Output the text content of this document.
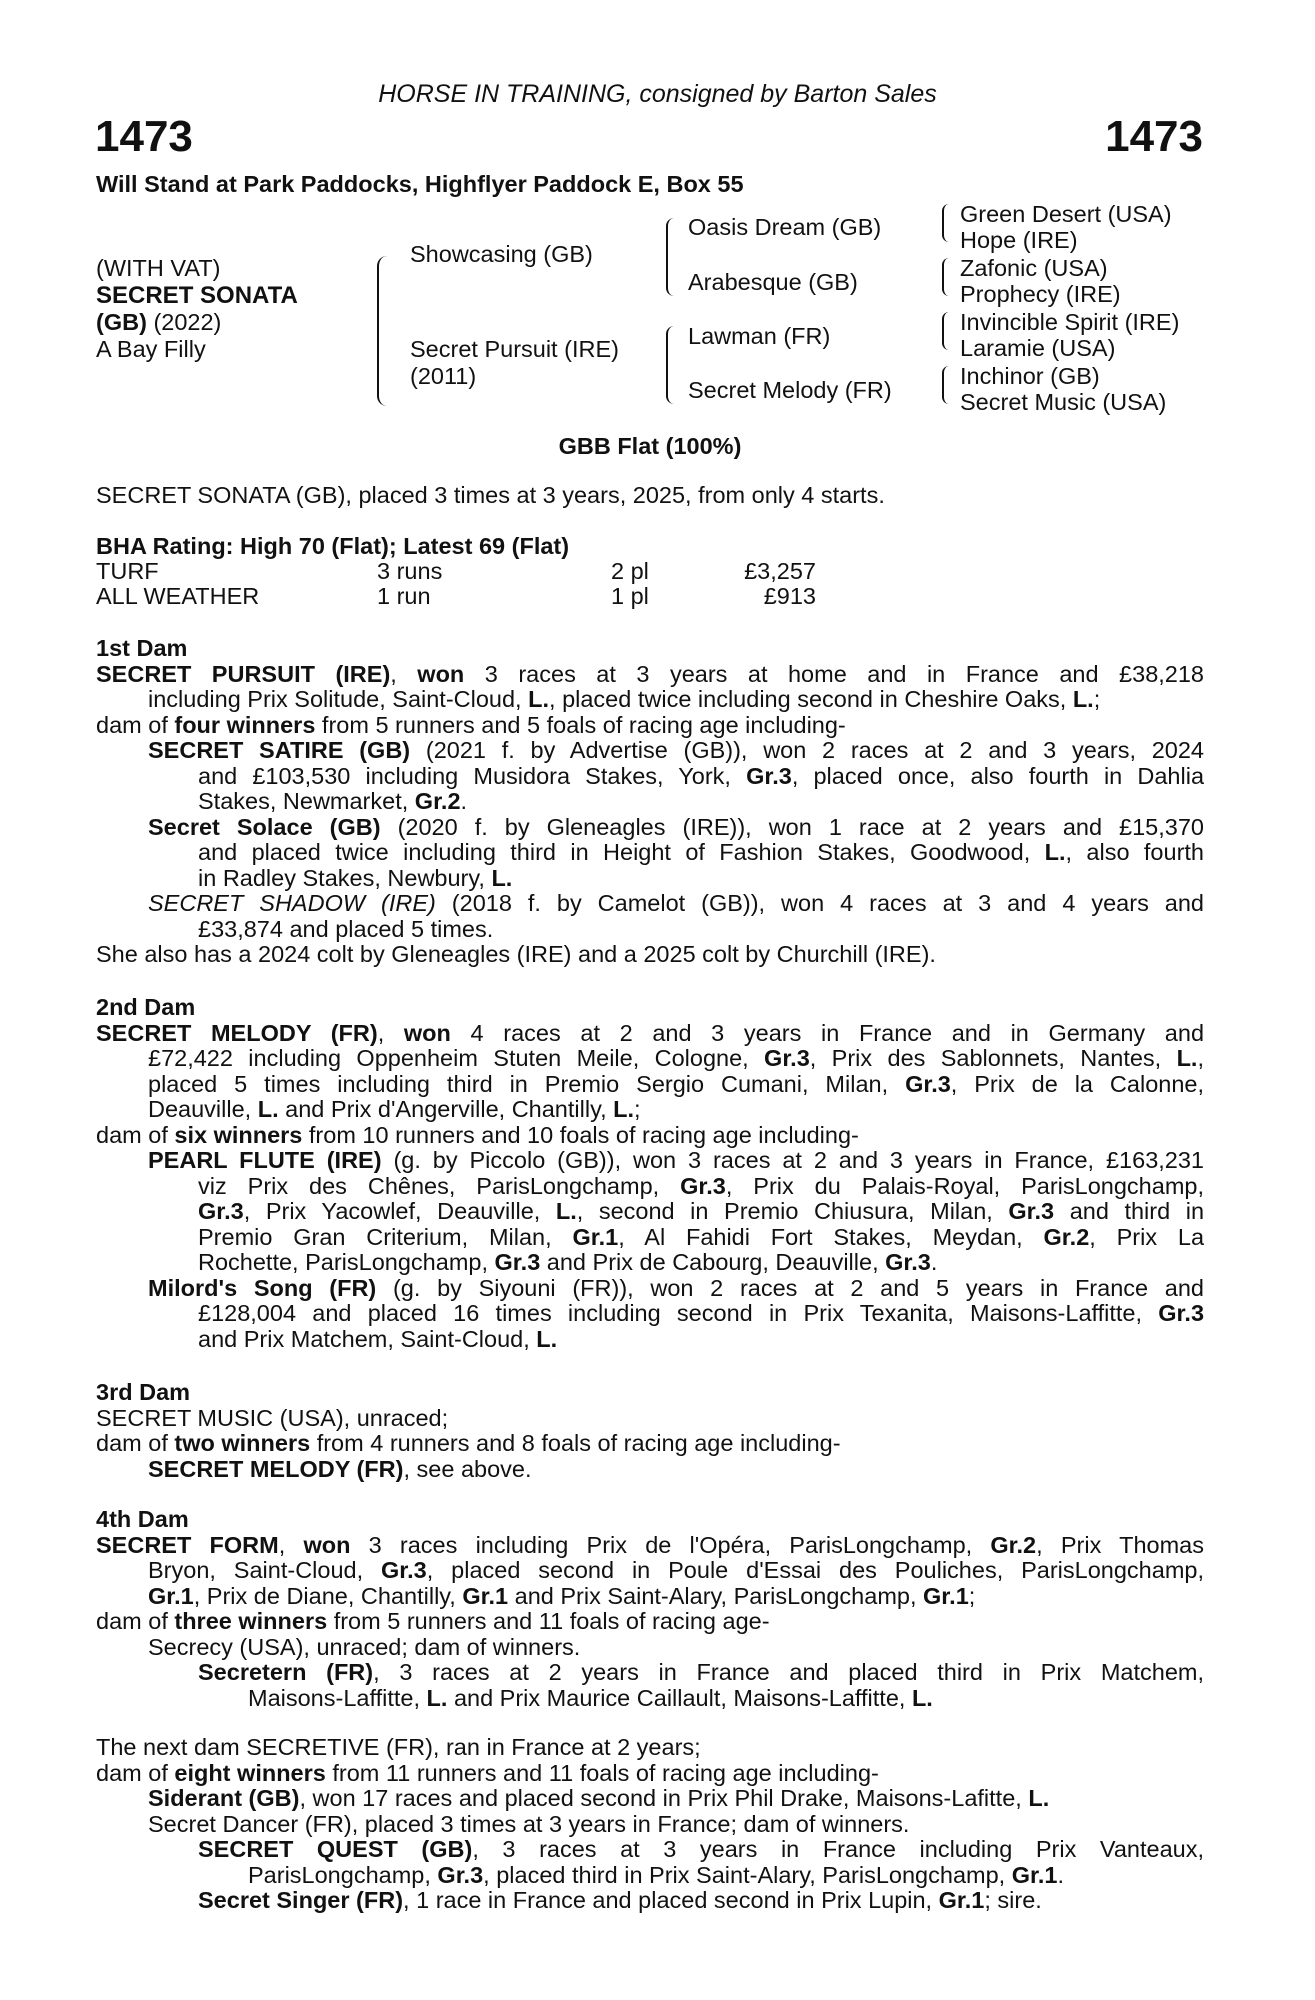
HORSE IN TRAINING, consigned by Barton Sales
1473	1473
Will Stand at Park Paddocks, Highflyer Paddock E, Box 55
(WITH VAT)
SECRET SONATA
(GB) (2022)
A Bay Filly
Showcasing (GB)
Secret Pursuit (IRE)
(2011)
Oasis Dream (GB)
Arabesque (GB)
Lawman (FR)
Secret Melody (FR)
Green Desert (USA)
Hope (IRE)
Zafonic (USA)
Prophecy (IRE)
Invincible Spirit (IRE)
Laramie (USA)
Inchinor (GB)
Secret Music (USA)
GBB Flat (100%)
SECRET SONATA (GB), placed 3 times at 3 years, 2025, from only 4 starts.
BHA Rating: High 70 (Flat); Latest 69 (Flat)
TURF	3 runs	2 pl	£3,257
ALL WEATHER	1 run	1 pl	£913
1st Dam
SECRET PURSUIT (IRE), won 3 races at 3 years at home and in France and £38,218
including Prix Solitude, Saint-Cloud, L., placed twice including second in Cheshire Oaks, L.;
dam of four winners from 5 runners and 5 foals of racing age including-
SECRET SATIRE (GB) (2021 f. by Advertise (GB)), won 2 races at 2 and 3 years, 2024
and £103,530 including Musidora Stakes, York, Gr.3, placed once, also fourth in Dahlia
Stakes, Newmarket, Gr.2.
Secret Solace (GB) (2020 f. by Gleneagles (IRE)), won 1 race at 2 years and £15,370
and placed twice including third in Height of Fashion Stakes, Goodwood, L., also fourth
in Radley Stakes, Newbury, L.
SECRET SHADOW (IRE) (2018 f. by Camelot (GB)), won 4 races at 3 and 4 years and
£33,874 and placed 5 times.
She also has a 2024 colt by Gleneagles (IRE) and a 2025 colt by Churchill (IRE).
2nd Dam
SECRET MELODY (FR), won 4 races at 2 and 3 years in France and in Germany and
£72,422 including Oppenheim Stuten Meile, Cologne, Gr.3, Prix des Sablonnets, Nantes, L.,
placed 5 times including third in Premio Sergio Cumani, Milan, Gr.3, Prix de la Calonne,
Deauville, L. and Prix d'Angerville, Chantilly, L.;
dam of six winners from 10 runners and 10 foals of racing age including-
PEARL FLUTE (IRE) (g. by Piccolo (GB)), won 3 races at 2 and 3 years in France, £163,231
viz Prix des Chênes, ParisLongchamp, Gr.3, Prix du Palais-Royal, ParisLongchamp,
Gr.3, Prix Yacowlef, Deauville, L., second in Premio Chiusura, Milan, Gr.3 and third in
Premio Gran Criterium, Milan, Gr.1, Al Fahidi Fort Stakes, Meydan, Gr.2, Prix La
Rochette, ParisLongchamp, Gr.3 and Prix de Cabourg, Deauville, Gr.3.
Milord's Song (FR) (g. by Siyouni (FR)), won 2 races at 2 and 5 years in France and
£128,004 and placed 16 times including second in Prix Texanita, Maisons-Laffitte, Gr.3
and Prix Matchem, Saint-Cloud, L.
3rd Dam
SECRET MUSIC (USA), unraced;
dam of two winners from 4 runners and 8 foals of racing age including-
SECRET MELODY (FR), see above.
4th Dam
SECRET FORM, won 3 races including Prix de l'Opéra, ParisLongchamp, Gr.2, Prix Thomas
Bryon, Saint-Cloud, Gr.3, placed second in Poule d'Essai des Pouliches, ParisLongchamp,
Gr.1, Prix de Diane, Chantilly, Gr.1 and Prix Saint-Alary, ParisLongchamp, Gr.1;
dam of three winners from 5 runners and 11 foals of racing age-
Secrecy (USA), unraced; dam of winners.
Secretern (FR), 3 races at 2 years in France and placed third in Prix Matchem,
Maisons-Laffitte, L. and Prix Maurice Caillault, Maisons-Laffitte, L.
The next dam SECRETIVE (FR), ran in France at 2 years;
dam of eight winners from 11 runners and 11 foals of racing age including-
Siderant (GB), won 17 races and placed second in Prix Phil Drake, Maisons-Lafitte, L.
Secret Dancer (FR), placed 3 times at 3 years in France; dam of winners.
SECRET QUEST (GB), 3 races at 3 years in France including Prix Vanteaux,
ParisLongchamp, Gr.3, placed third in Prix Saint-Alary, ParisLongchamp, Gr.1.
Secret Singer (FR), 1 race in France and placed second in Prix Lupin, Gr.1; sire.
